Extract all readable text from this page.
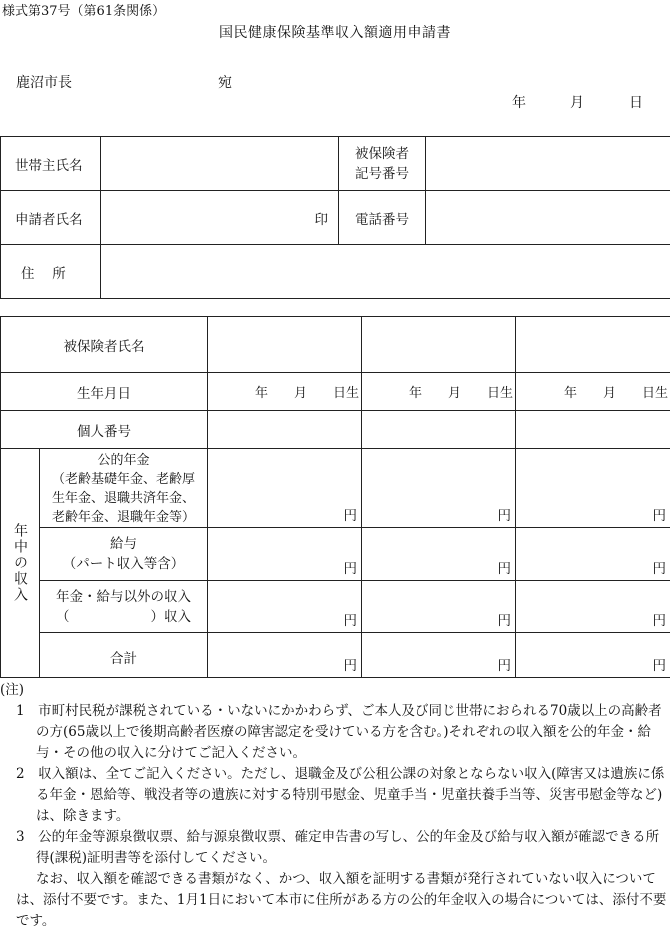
様式第37号（第61条関係）
国民健康保険基準収入額適用申請書
鹿沼市長	宛
年	月	日
世帯主氏名		被保険者
記号番号	
申請者氏名	印	電話番号	
住　 所			
被保険者氏名				
生年月日		年　　月　　日生	年　　月　　日生	年　　月　　日生
個人番号				
年中の収入	公的年金
（老齢基礎年金、老齢厚
生年金、退職共済年金、
老齢年金、退職年金等）	円	円	円
	給与
（パート収入等含）	円	円	円
	年金・給与以外の収入
（　　　　　　）収入	円	円	円
	合計	円	円	円

(注)

1　市町村民税が課税されている・いないにかかわらず、ご本人及び同じ世帯におられる70歳以上の高齢者の方(65歳以上で後期高齢者医療の障害認定を受けている方を含む。)それぞれの収入額を公的年金・給与・その他の収入に分けてご記入ください。

2　収入額は、全てご記入ください。ただし、退職金及び公租公課の対象とならない収入(障害又は遺族に係る年金・恩給等、戦没者等の遺族に対する特別弔慰金、児童手当・児童扶養手当等、災害弔慰金等など)は、除きます。

3　公的年金等源泉徴収票、給与源泉徴収票、確定申告書の写し、公的年金及び給与収入額が確認できる所得(課税)証明書等を添付してください。

なお、収入額を確認できる書類がなく、かつ、収入額を証明する書類が発行されていない収入については、添付不要です。また、1月1日において本市に住所がある方の公的年金収入の場合については、添付不要です。
